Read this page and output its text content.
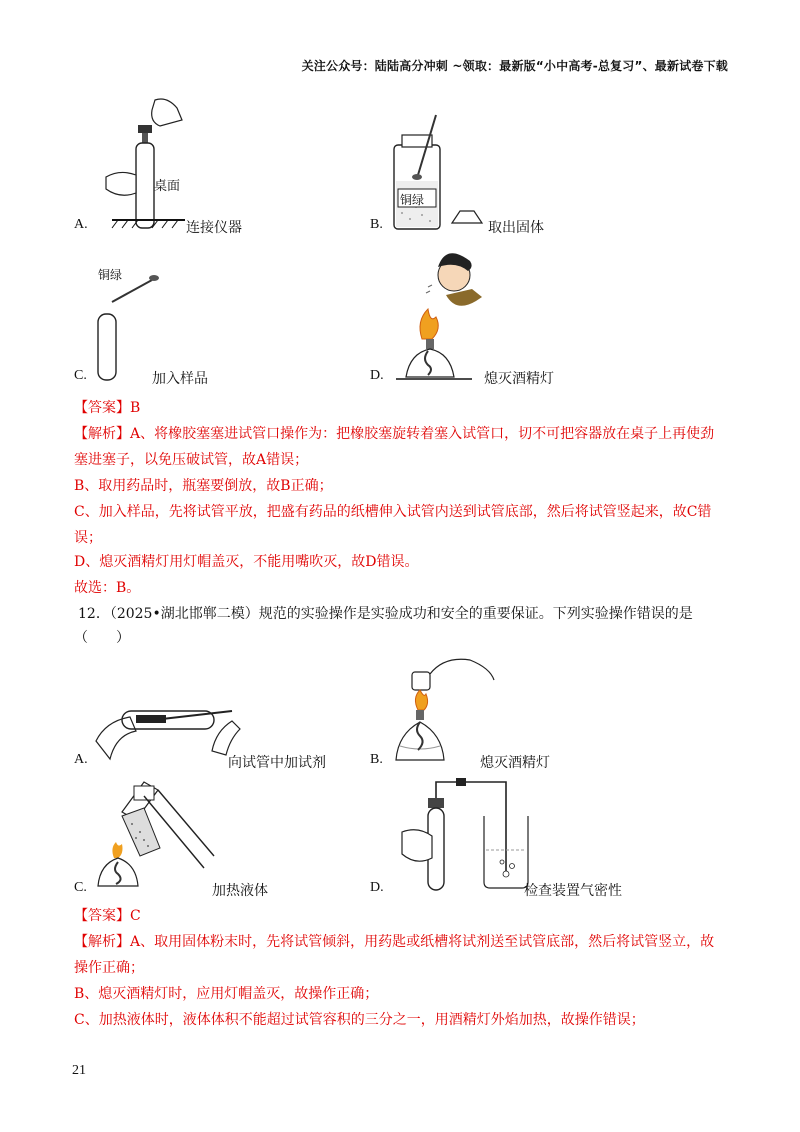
关注公众号：陆陆高分冲刺 ~领取：最新版“小中高考-总复习”、最新试卷下载
桌面
A.	连接仪器
铜绿
B.	取出固体
铜绿
C.	加入样品	D.	熄灭酒精灯
【答案】B
【解析】A、将橡胶塞塞进试管口操作为：把橡胶塞旋转着塞入试管口，切不可把容器放在桌子上再使劲
塞进塞子，以免压破试管，故A错误；
B、取用药品时，瓶塞要倒放，故B正确；
C、加入样品，先将试管平放，把盛有药品的纸槽伸入试管内送到试管底部，然后将试管竖起来，故C错
误；
D、熄灭酒精灯用灯帽盖灭，不能用嘴吹灭，故D错误。
故选：B。
12．（2025•湖北邯郸二模）规范的实验操作是实验成功和安全的重要保证。下列实验操作错误的是
（　　）
A.	向试管中加试剂	B.	熄灭酒精灯
C.	加热液体	D.	检查装置气密性
【答案】C
【解析】A、取用固体粉末时，先将试管倾斜，用药匙或纸槽将试剂送至试管底部，然后将试管竖立，故
操作正确；
B、熄灭酒精灯时，应用灯帽盖灭，故操作正确；
C、加热液体时，液体体积不能超过试管容积的三分之一，用酒精灯外焰加热，故操作错误；
21
